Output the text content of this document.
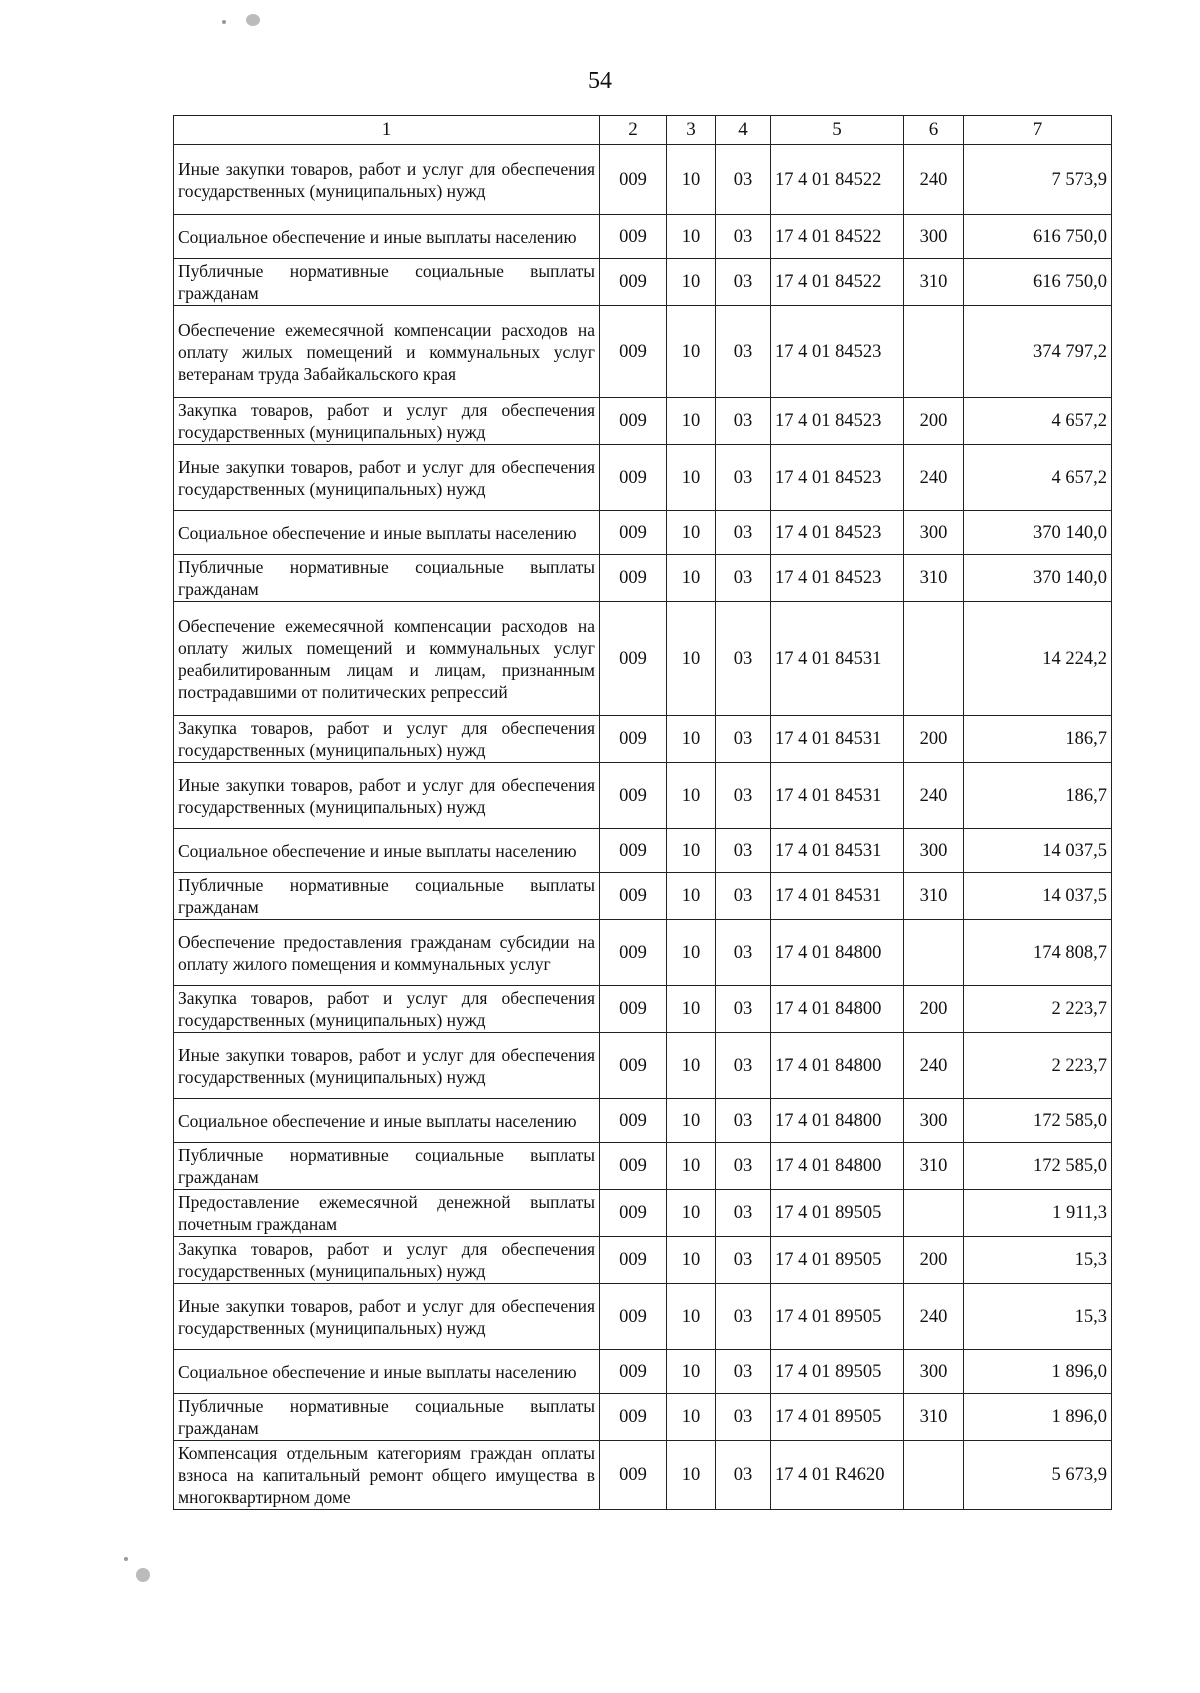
54
1	2	3	4	5	6	7
Иные закупки товаров, работ и услуг для обеспечения государственных (муниципальных) нужд	009	10	03	17 4 01 84522	240	7 573,9
Социальное обеспечение и иные выплаты населению	009	10	03	17 4 01 84522	300	616 750,0
Публичные нормативные социальные выплаты гражданам	009	10	03	17 4 01 84522	310	616 750,0
Обеспечение ежемесячной компенсации расходов на оплату жилых помещений и коммунальных услуг ветеранам труда Забайкальского края	009	10	03	17 4 01 84523		374 797,2
Закупка товаров, работ и услуг для обеспечения государственных (муниципальных) нужд	009	10	03	17 4 01 84523	200	4 657,2
Иные закупки товаров, работ и услуг для обеспечения государственных (муниципальных) нужд	009	10	03	17 4 01 84523	240	4 657,2
Социальное обеспечение и иные выплаты населению	009	10	03	17 4 01 84523	300	370 140,0
Публичные нормативные социальные выплаты гражданам	009	10	03	17 4 01 84523	310	370 140,0
Обеспечение ежемесячной компенсации расходов на оплату жилых помещений и коммунальных услуг реабилитированным лицам и лицам, признанным пострадавшими от политических репрессий	009	10	03	17 4 01 84531		14 224,2
Закупка товаров, работ и услуг для обеспечения государственных (муниципальных) нужд	009	10	03	17 4 01 84531	200	186,7
Иные закупки товаров, работ и услуг для обеспечения государственных (муниципальных) нужд	009	10	03	17 4 01 84531	240	186,7
Социальное обеспечение и иные выплаты населению	009	10	03	17 4 01 84531	300	14 037,5
Публичные нормативные социальные выплаты гражданам	009	10	03	17 4 01 84531	310	14 037,5
Обеспечение предоставления гражданам субсидии на оплату жилого помещения и коммунальных услуг	009	10	03	17 4 01 84800		174 808,7
Закупка товаров, работ и услуг для обеспечения государственных (муниципальных) нужд	009	10	03	17 4 01 84800	200	2 223,7
Иные закупки товаров, работ и услуг для обеспечения государственных (муниципальных) нужд	009	10	03	17 4 01 84800	240	2 223,7
Социальное обеспечение и иные выплаты населению	009	10	03	17 4 01 84800	300	172 585,0
Публичные нормативные социальные выплаты гражданам	009	10	03	17 4 01 84800	310	172 585,0
Предоставление ежемесячной денежной выплаты почетным гражданам	009	10	03	17 4 01 89505		1 911,3
Закупка товаров, работ и услуг для обеспечения государственных (муниципальных) нужд	009	10	03	17 4 01 89505	200	15,3
Иные закупки товаров, работ и услуг для обеспечения государственных (муниципальных) нужд	009	10	03	17 4 01 89505	240	15,3
Социальное обеспечение и иные выплаты населению	009	10	03	17 4 01 89505	300	1 896,0
Публичные нормативные социальные выплаты гражданам	009	10	03	17 4 01 89505	310	1 896,0
Компенсация отдельным категориям граждан оплаты взноса на капитальный ремонт общего имущества в многоквартирном доме	009	10	03	17 4 01 R4620		5 673,9
